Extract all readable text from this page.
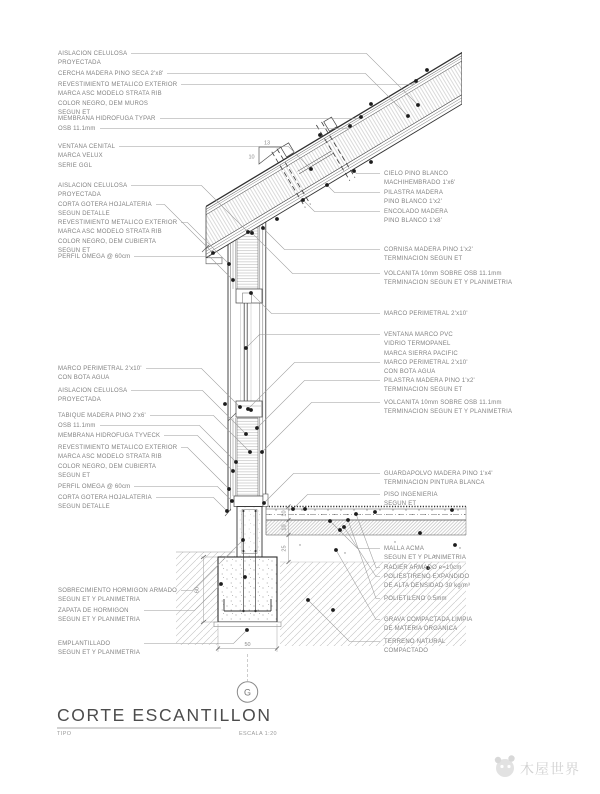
13
10
60
50
10
10
25
G
AISLACION CELULOSA
PROYECTADA
CERCHA MADERA PINO SECA 2'x8'
REVESTIMIENTO METALICO EXTERIOR
MARCA ASC MODELO STRATA RIB
COLOR NEGRO, DEM MUROS
SEGUN ET
MEMBRANA HIDROFUGA TYPAR
OSB 11.1mm
VENTANA CENITAL
MARCA VELUX
SERIE GGL
AISLACION CELULOSA
PROYECTADA
CORTA GOTERA HOJALATERIA
SEGUN DETALLE
REVESTIMIENTO METALICO EXTERIOR
MARCA ASC MODELO STRATA RIB
COLOR NEGRO, DEM CUBIERTA
SEGUN ET
PERFIL OMEGA @ 60cm
MARCO PERIMETRAL 2'x10'
CON BOTA AGUA
AISLACION CELULOSA
PROYECTADA
TABIQUE MADERA PINO 2'x6'
OSB 11.1mm
MEMBRANA HIDROFUGA TYVECK
REVESTIMIENTO METALICO EXTERIOR
MARCA ASC MODELO STRATA RIB
COLOR NEGRO, DEM CUBIERTA
SEGUN ET
PERFIL OMEGA @ 60cm
CORTA GOTERA HOJALATERIA
SEGUN DETALLE
SOBRECIMIENTO HORMIGON ARMADO
SEGUN ET Y PLANIMETRIA
ZAPATA DE HORMIGON
SEGUN ET Y PLANIMETRIA
EMPLANTILLADO
SEGUN ET Y PLANIMETRIA
CIELO PINO BLANCO
MACHIHEMBRADO 1'x6'
PILASTRA MADERA
PINO BLANCO 1'x2'
ENCOLADO MADERA
PINO BLANCO 1'x8'
CORNISA MADERA PINO 1'x2'
TERMINACION SEGUN ET
VOLCANITA 10mm SOBRE OSB 11.1mm
TERMINACION SEGUN ET Y PLANIMETRIA
MARCO PERIMETRAL 2'x10'
VENTANA MARCO PVC
VIDRIO TERMOPANEL
MARCA SIERRA PACIFIC
MARCO PERIMETRAL 2'x10'
CON BOTA AGUA
PILASTRA MADERA PINO 1'x2'
TERMINACION SEGUN ET
VOLCANITA 10mm SOBRE OSB 11.1mm
TERMINACION SEGUN ET Y PLANIMETRIA
GUARDAPOLVO MADERA PINO 1'x4'
TERMINACION PINTURA BLANCA
PISO INGENIERIA
SEGUN ET
MALLA ACMA
SEGUN ET Y PLANIMETRIA
RADIER ARMADO e=10cm
POLIESTIRENO EXPANDIDO
DE ALTA DENSIDAD 30 kg/m³
POLIETILENO 0.5mm
GRAVA COMPACTADA LIMPIA
DE MATERIA ORGANICA
TERRENO NATURAL
COMPACTADO
CORTE ESCANTILLON
TIPO	ESCALA 1:20
木屋世界
